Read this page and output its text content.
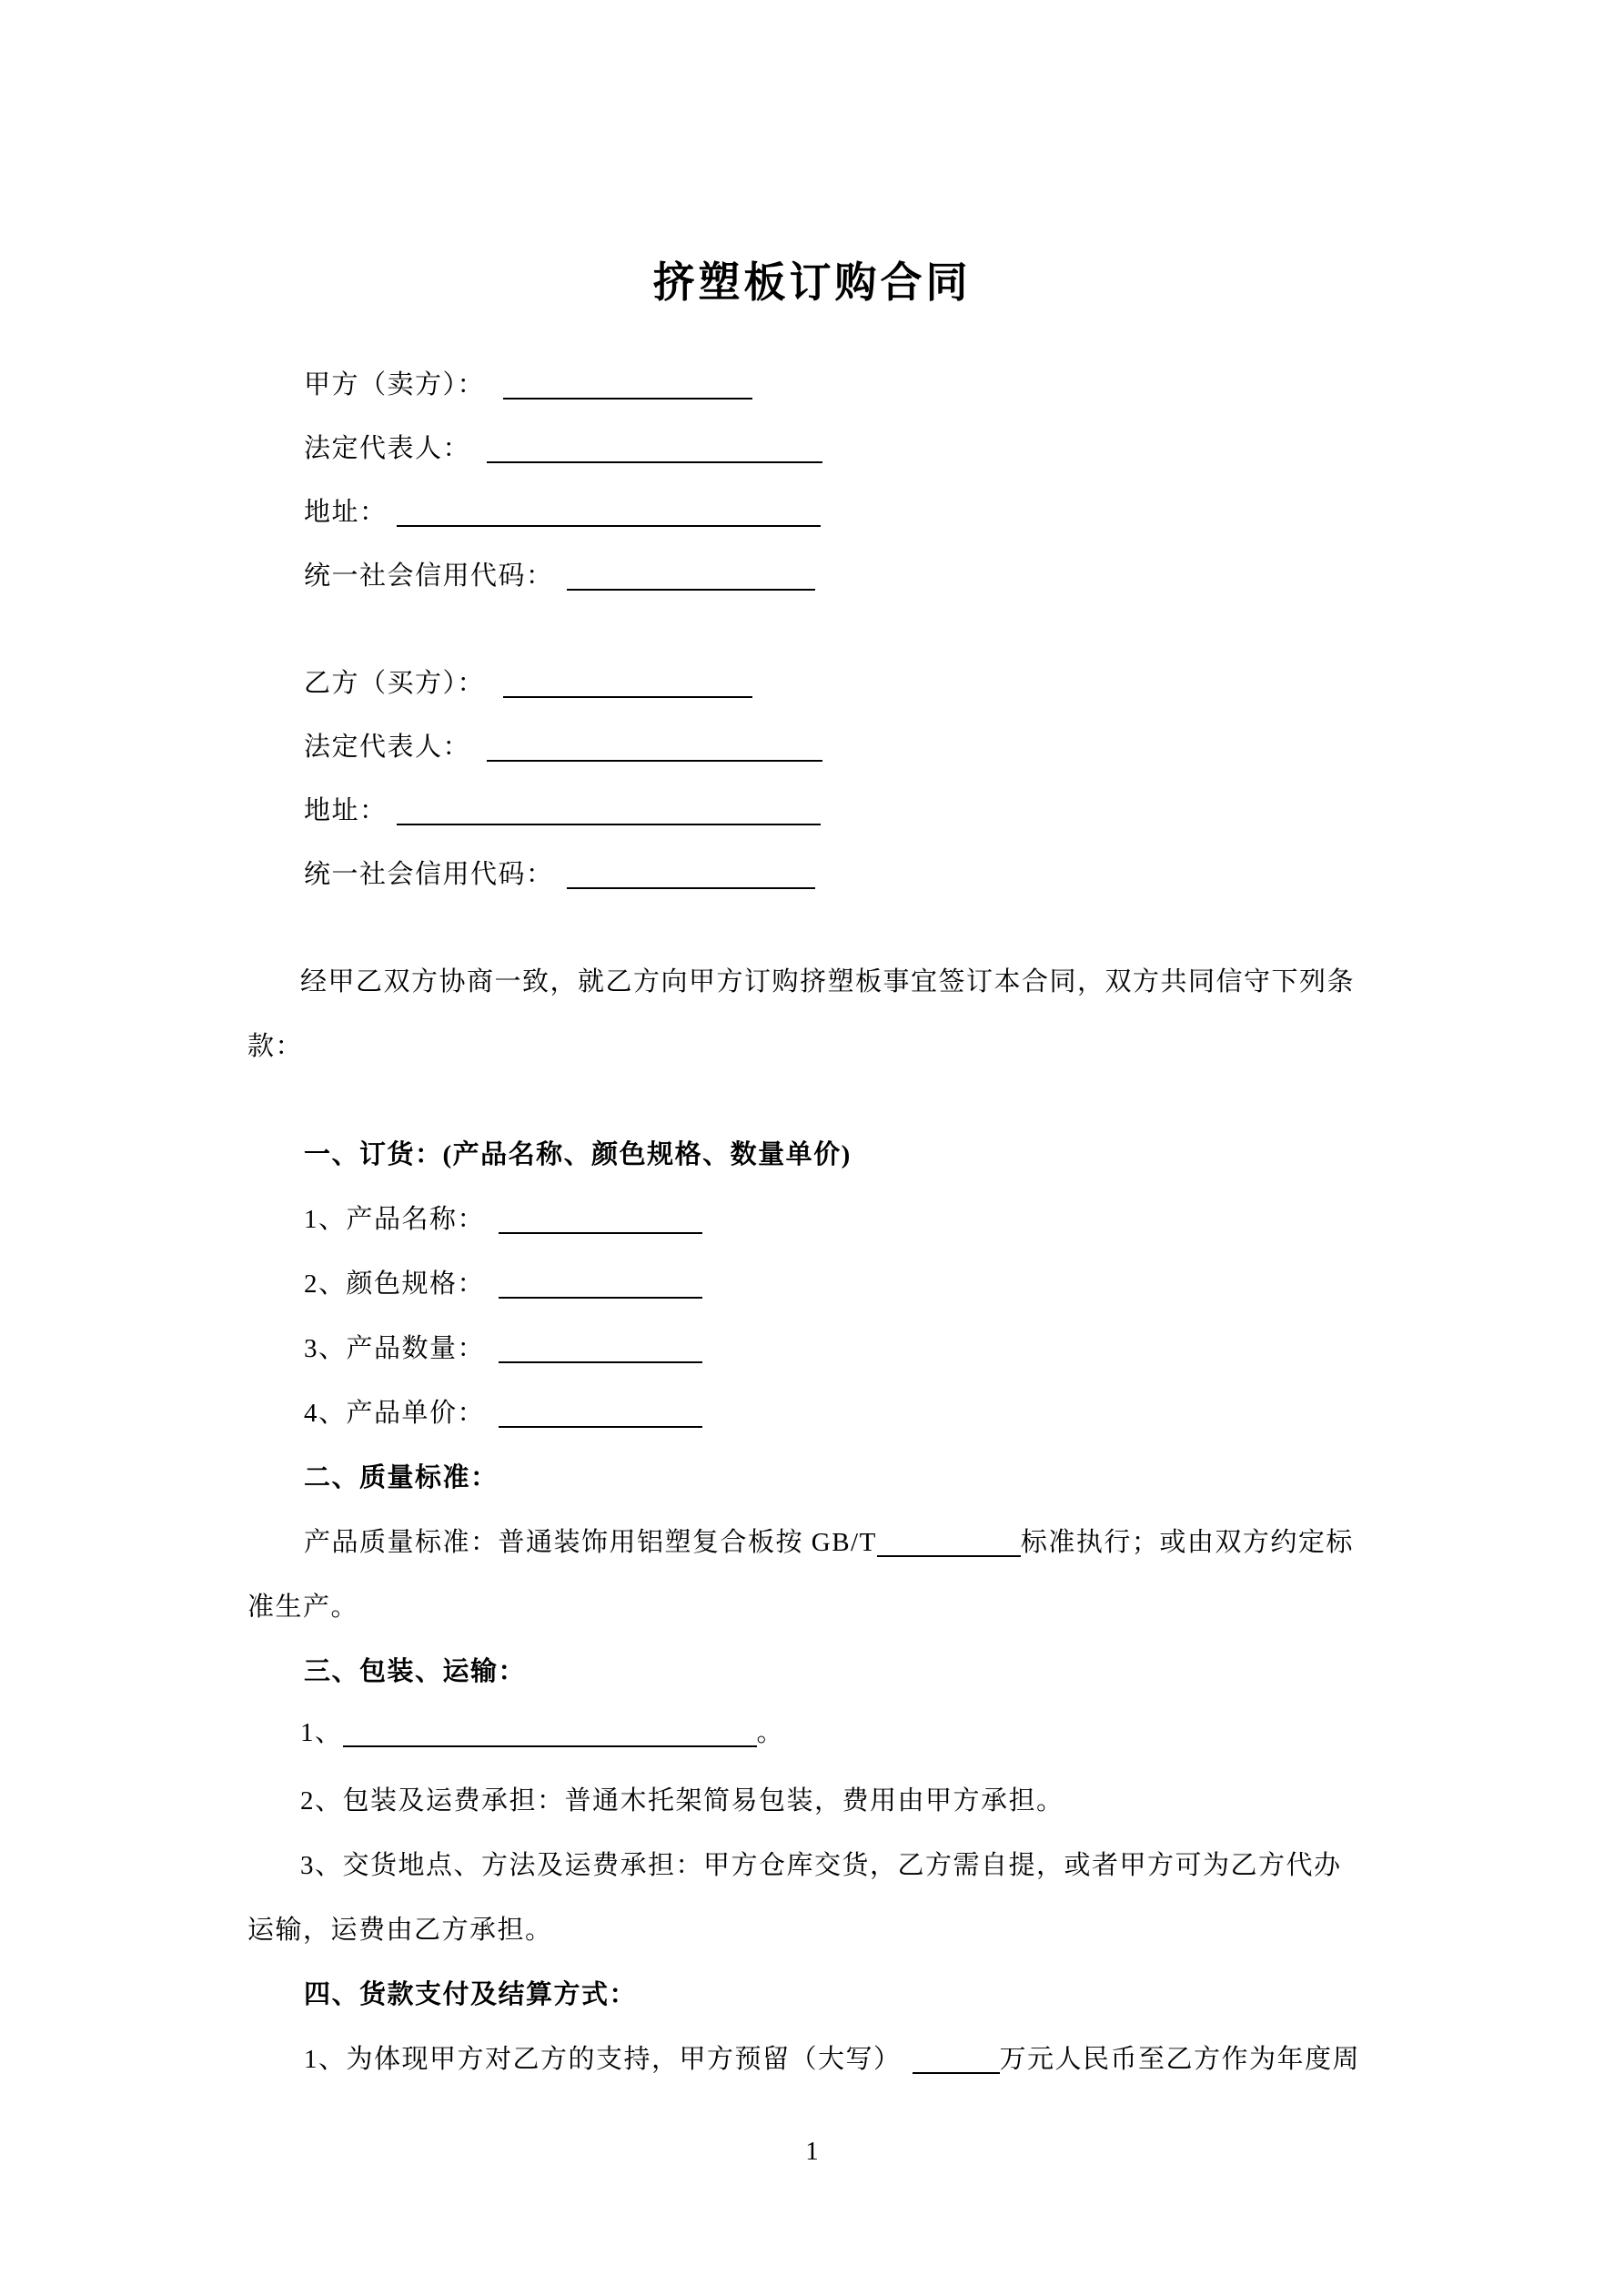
挤塑板订购合同
甲方（卖方）：
法定代表人：
地址：
统一社会信用代码：
乙方（买方）：
法定代表人：
地址：
统一社会信用代码：
经甲乙双方协商一致，就乙方向甲方订购挤塑板事宜签订本合同，双方共同信守下列条
款：
一、订货：(产品名称、颜色规格、数量单价)
1、产品名称：
2、颜色规格：
3、产品数量：
4、产品单价：
二、质量标准：
产品质量标准：普通装饰用铝塑复合板按 GB/T	标准执行；或由双方约定标
准生产。
三、包装、运输：
1、	。
2、包装及运费承担：普通木托架简易包装，费用由甲方承担。
3、交货地点、方法及运费承担：甲方仓库交货，乙方需自提，或者甲方可为乙方代办
运输，运费由乙方承担。
四、货款支付及结算方式：
1、为体现甲方对乙方的支持，甲方预留（大写）	万元人民币至乙方作为年度周
1
